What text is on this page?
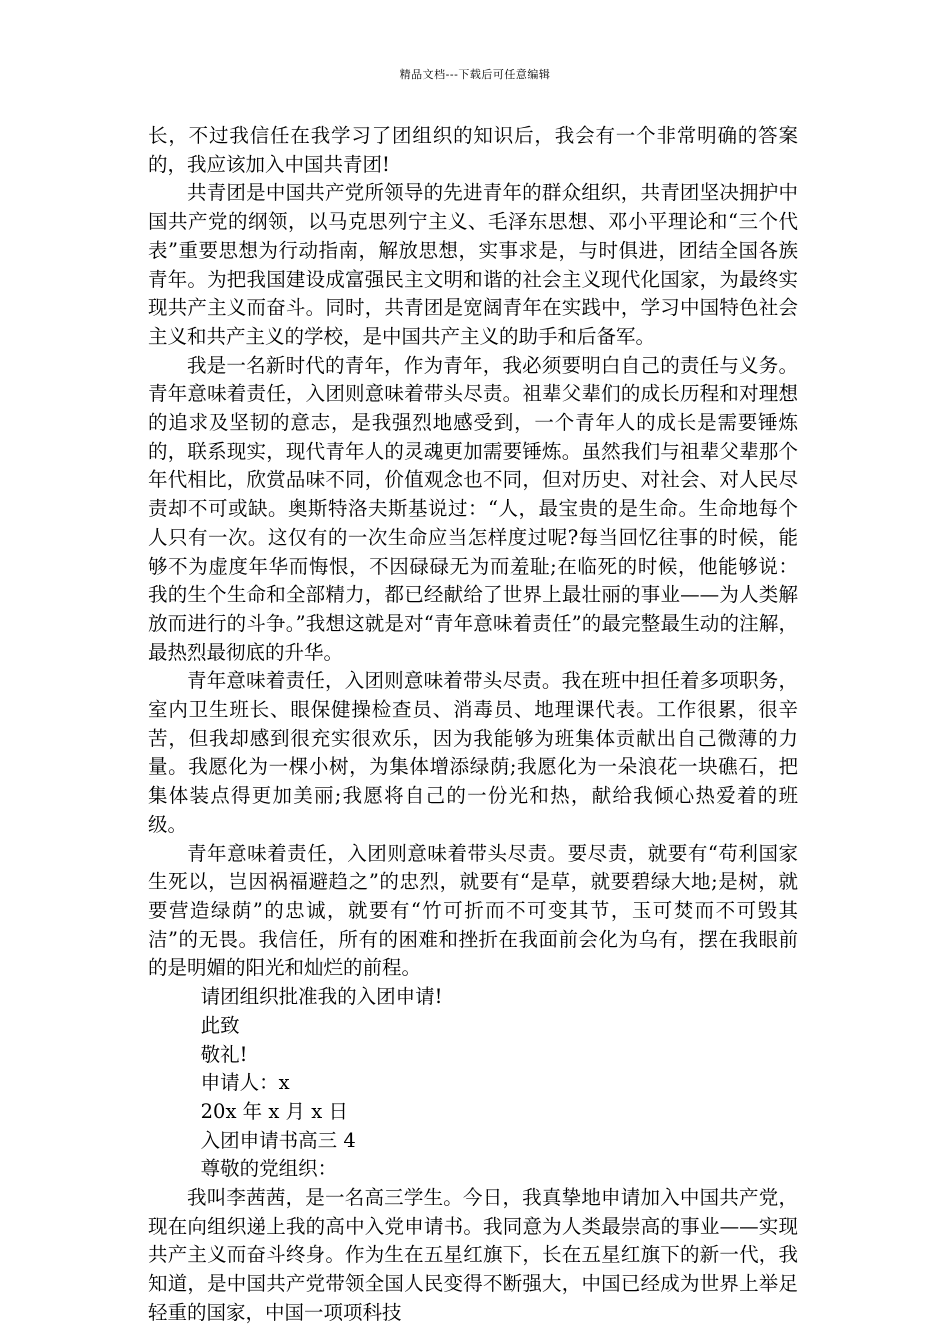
精品文档---下载后可任意编辑

长，不过我信任在我学习了团组织的知识后，我会有一个非常明确的答案的，我应该加入中国共青团!

共青团是中国共产党所领导的先进青年的群众组织，共青团坚决拥护中国共产党的纲领，以马克思列宁主义、毛泽东思想、邓小平理论和“三个代表”重要思想为行动指南，解放思想，实事求是，与时俱进，团结全国各族青年。为把我国建设成富强民主文明和谐的社会主义现代化国家，为最终实现共产主义而奋斗。同时，共青团是宽阔青年在实践中，学习中国特色社会主义和共产主义的学校，是中国共产主义的助手和后备军。

我是一名新时代的青年，作为青年，我必须要明白自己的责任与义务。青年意味着责任，入团则意味着带头尽责。祖辈父辈们的成长历程和对理想的追求及坚韧的意志，是我强烈地感受到，一个青年人的成长是需要锤炼的，联系现实，现代青年人的灵魂更加需要锤炼。虽然我们与祖辈父辈那个年代相比，欣赏品味不同，价值观念也不同，但对历史、对社会、对人民尽责却不可或缺。奥斯特洛夫斯基说过：“人，最宝贵的是生命。生命地每个人只有一次。这仅有的一次生命应当怎样度过呢?每当回忆往事的时候，能够不为虚度年华而悔恨，不因碌碌无为而羞耻;在临死的时候，他能够说：我的生个生命和全部精力，都已经献给了世界上最壮丽的事业——为人类解放而进行的斗争。”我想这就是对“青年意味着责任”的最完整最生动的注解，最热烈最彻底的升华。

青年意味着责任，入团则意味着带头尽责。我在班中担任着多项职务，室内卫生班长、眼保健操检查员、消毒员、地理课代表。工作很累，很辛苦，但我却感到很充实很欢乐，因为我能够为班集体贡献出自己微薄的力量。我愿化为一棵小树，为集体增添绿荫;我愿化为一朵浪花一块礁石，把集体装点得更加美丽;我愿将自己的一份光和热，献给我倾心热爱着的班级。

青年意味着责任，入团则意味着带头尽责。要尽责，就要有“苟利国家生死以，岂因祸福避趋之”的忠烈，就要有“是草，就要碧绿大地;是树，就要营造绿荫”的忠诚，就要有“竹可折而不可变其节，玉可焚而不可毁其洁”的无畏。我信任，所有的困难和挫折在我面前会化为乌有，摆在我眼前的是明媚的阳光和灿烂的前程。

请团组织批准我的入团申请!
此致
敬礼!
申请人：x
20x 年 x 月 x 日
入团申请书高三 4
尊敬的党组织：

我叫李茜茜，是一名高三学生。今日，我真挚地申请加入中国共产党，现在向组织递上我的高中入党申请书。我同意为人类最崇高的事业——实现共产主义而奋斗终身。作为生在五星红旗下，长在五星红旗下的新一代，我知道，是中国共产党带领全国人民变得不断强大，中国已经成为世界上举足轻重的国家，中国一项项科技
